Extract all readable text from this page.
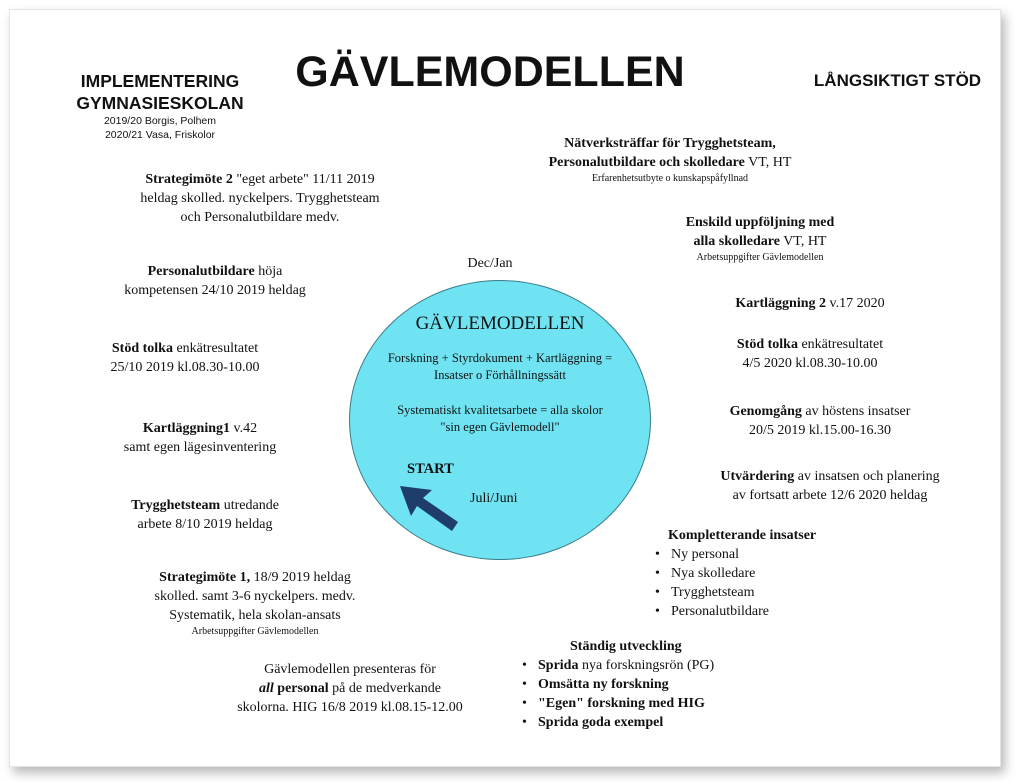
GÄVLEMODELLEN
IMPLEMENTERING
GYMNASIESKOLAN
2019/20 Borgis, Polhem
2020/21 Vasa, Friskolor
LÅNGSIKTIGT STÖD
GÄVLEMODELLEN
Forskning + Styrdokument + Kartläggning =
Insatser o Förhållningssätt
Systematiskt kvalitetsarbete = alla skolor
"sin egen Gävlemodell"
START
Juli/Juni
Dec/Jan
Strategimöte 2 "eget arbete" 11/11 2019
heldag skolled. nyckelpers. Trygghetsteam
och Personalutbildare medv.
Personalutbildare höja
kompetensen 24/10 2019 heldag
Stöd tolka enkätresultatet
25/10 2019 kl.08.30-10.00
Kartläggning1 v.42
samt egen lägesinventering
Trygghetsteam utredande
arbete 8/10 2019 heldag
Strategimöte 1, 18/9 2019 heldag
skolled. samt 3-6 nyckelpers. medv.
Systematik, hela skolan-ansats
Arbetsuppgifter Gävlemodellen
Gävlemodellen presenteras för
all personal på de medverkande
skolorna. HIG 16/8 2019 kl.08.15-12.00
Nätverksträffar för Trygghetsteam,
Personalutbildare och skolledare VT, HT
Erfarenhetsutbyte o kunskapspåfyllnad
Enskild uppföljning med
alla skolledare VT, HT
Arbetsuppgifter Gävlemodellen
Kartläggning 2 v.17 2020
Stöd tolka enkätresultatet
4/5 2020 kl.08.30-10.00
Genomgång av höstens insatser
20/5 2019 kl.15.00-16.30
Utvärdering av insatsen och planering
av fortsatt arbete 12/6 2020 heldag
Kompletterande insatser
• Ny personal
• Nya skolledare
• Trygghetsteam
• Personalutbildare
Ständig utveckling
• Sprida nya forskningsrön (PG)
• Omsätta ny forskning
• "Egen" forskning med HIG
• Sprida goda exempel
